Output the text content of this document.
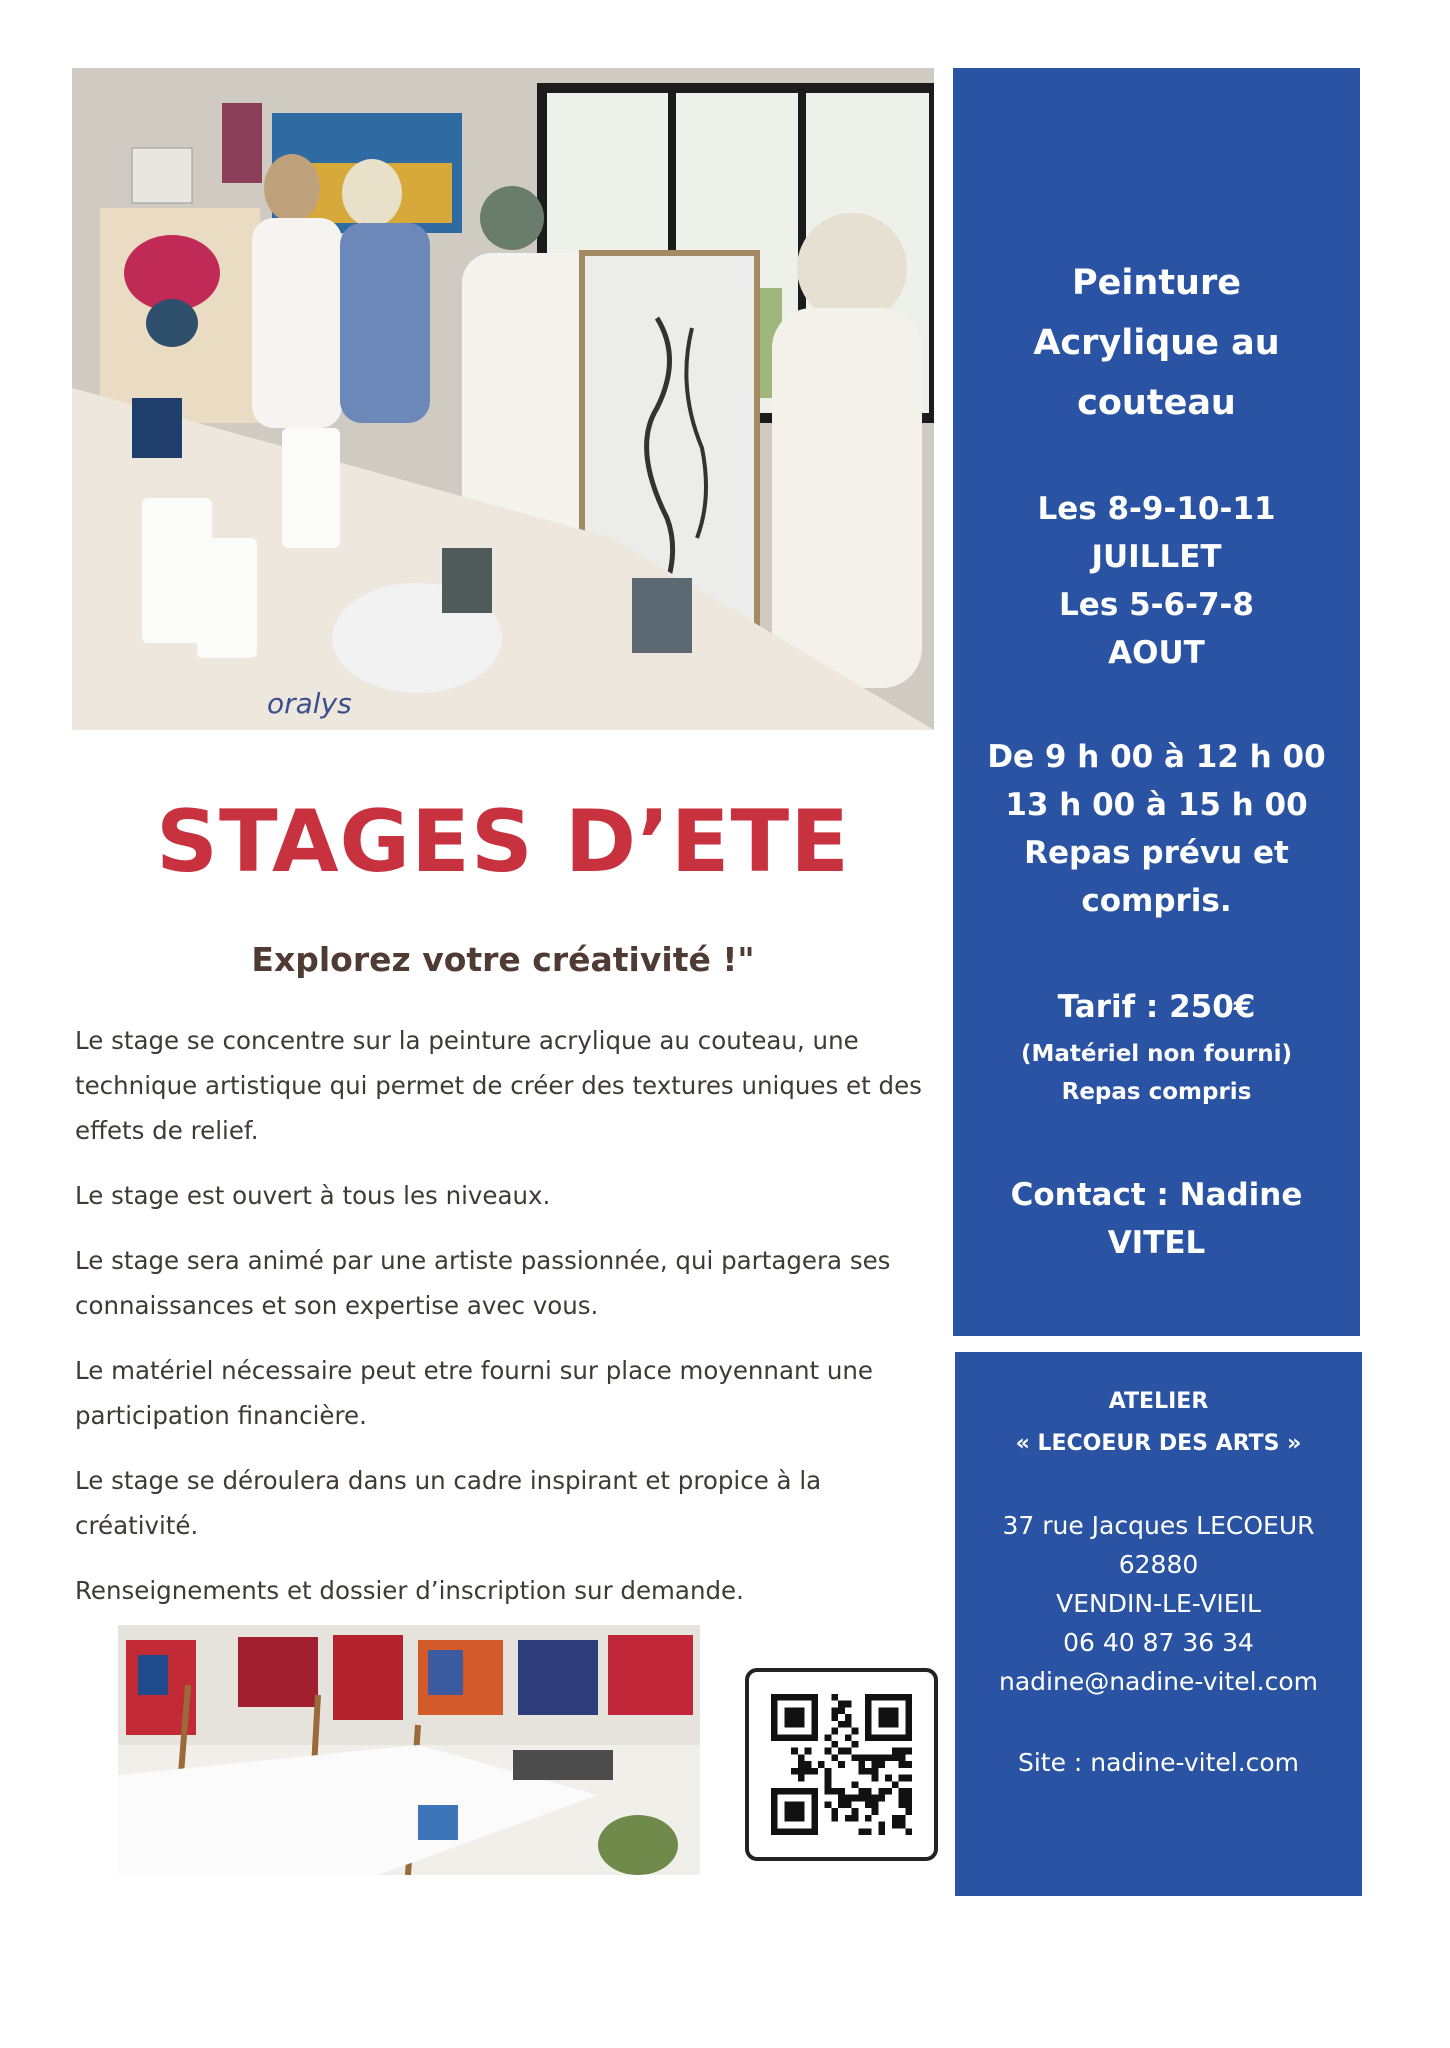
oralys
Peinture
Acrylique au
couteau
Les 8-9-10-11
JUILLET
Les 5-6-7-8
AOUT
De 9 h 00 à 12 h 00
13 h 00 à 15 h 00
Repas prévu et
compris.
Tarif : 250€
(Matériel non fourni)
Repas compris
Contact : Nadine
VITEL
ATELIER
« LECOEUR DES ARTS »
37 rue Jacques LECOEUR
62880
VENDIN-LE-VIEIL
06 40 87 36 34
nadine@nadine-vitel.com
Site : nadine-vitel.com
STAGES D’ETE
Explorez votre créativité !"

Le stage se concentre sur la peinture acrylique au couteau, une technique artistique qui permet de créer des textures uniques et des effets de relief.

Le stage est ouvert à tous les niveaux.

Le stage sera animé par une artiste passionnée, qui partagera ses connaissances et son expertise avec vous.

Le matériel nécessaire peut etre fourni sur place moyennant une participation financière.

Le stage se déroulera dans un cadre inspirant et propice à la créativité.

Renseignements et dossier d’inscription sur demande.
